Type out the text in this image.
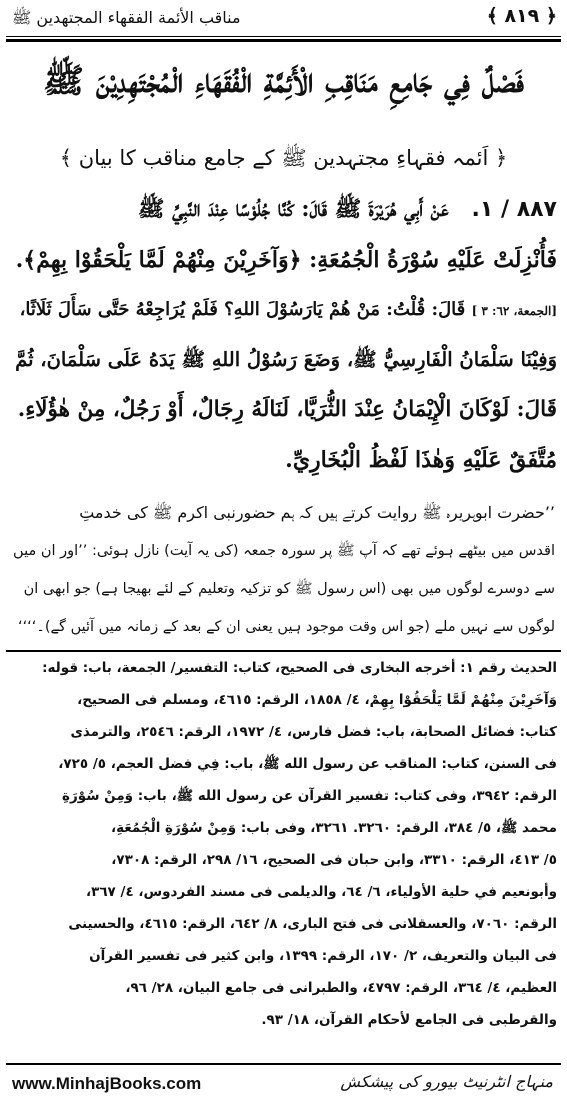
﴿ ٨١٩ ﴾
مناقب الأئمة الفقهاء المجتهدين ﷺ
فَصْلٌ فِي جَامِعِ مَنَاقِبِ الْأَئِمَّةِ الْفُقَهَاءِ الْمُجْتَهِدِيْنَ ﷺ
﴿ اَئمہ فقہاءِ مجتہدین ﷺ کے جامع مناقب کا بیان ﴾
٨٨٧ / ١.   عَنْ أَبِي هُرَيْرَةَ ﷺ قَالَ: كُنَّا جُلُوْسًا عِنْدَ النَّبِيِّ ﷺ
فَأُنْزِلَتْ عَلَيْهِ سُوْرَةُ الْجُمُعَةِ: ﴿وَآخَرِيْنَ مِنْهُمْ لَمَّا يَلْحَقُوْا بِهِمْ﴾.
[الجمعة، ٦٢: ٣ ] قَالَ: قُلْتُ: مَنْ هُمْ يَارَسُوْلَ اللهِ؟ فَلَمْ يُرَاجِعْهُ حَتَّى سَأَلَ ثَلَاثًا،
وَفِيْنَا سَلْمَانُ الْفَارِسِيُّ ﷺ، وَضَعَ رَسُوْلُ اللهِ ﷺ يَدَهُ عَلَى سَلْمَانَ، ثُمَّ
قَالَ: لَوْكَانَ الْإِيْمَانُ عِنْدَ الثُّرَيَّا، لَنَالَهُ رِجَالٌ، أَوْ رَجُلٌ، مِنْ هٰؤُلَاءِ.
مُتَّفَقٌ عَلَيْهِ وَهٰذَا لَفْظُ الْبُخَارِيِّ.
’’حضرت ابوہریرہ ﷺ روایت کرتے ہیں کہ ہم حضورنبی اکرم ﷺ کی خدمتِ
اقدس میں بیٹھے ہوئے تھے کہ آپ ﷺ پر سورہ جمعہ (کی یہ آیت) نازل ہوئی: ’’اور ان میں
سے دوسرے لوگوں میں بھی (اس رسول ﷺ کو تزکیہ وتعلیم کے لئے بھیجا ہے) جو ابھی ان
لوگوں سے نہیں ملے (جو اس وقت موجود ہیں یعنی ان کے بعد کے زمانہ میں آئیں گے)۔‘‘‘‘
الحديث رقم ١: أخرجه البخاری فی الصحيح، كتاب: التفسير/ الجمعة، باب: قوله:
وَآخَرِيْنَ مِنْهُمْ لَمَّا يَلْحَقُوْا بِهِمْ، ٤/ ١٨٥٨، الرقم: ٤٦١٥، ومسلم فی الصحيح،
كتاب: فضائل الصحابة، باب: فضل فارس، ٤/ ١٩٧٢، الرقم: ٢٥٤٦، والترمذی
فی السنن، كتاب: المناقب عن رسول الله ﷺ، باب: فِي فضل العجم، ٥/ ٧٢٥،
الرقم: ٣٩٤٢، وفی كتاب: تفسير القرآن عن رسول الله ﷺ، باب: وَمِنْ سُوْرَةِ
محمد ﷺ، ٥/ ٣٨٤، الرقم: ٣٢٦٠. ٣٢٦١، وفی باب: وَمِنْ سُوْرَةِ الْجُمُعَةِ،
٥/ ٤١٣، الرقم: ٣٣١٠، وابن حبان فی الصحيح، ١٦/ ٢٩٨، الرقم: ٧٣٠٨،
وأبونعيم في حلية الأولياء، ٦/ ٦٤، والديلمی فی مسند الفردوس، ٤/ ٣٦٧،
الرقم: ٧٠٦٠، والعسقلانی فی فتح الباری، ٨/ ٦٤٢، الرقم: ٤٦١٥، والحسينی
فی البيان والتعريف، ٢/ ١٧٠، الرقم: ١٣٩٩، وابن كثير فی تفسير القرآن
العظيم، ٤/ ٣٦٤، الرقم: ٤٧٩٧، والطبرانی فی جامع البيان، ٢٨/ ٩٦،
والقرطبی فی الجامع لأحكام القرآن، ١٨/ ٩٣.
www.MinhajBooks.com	منہاج انٹرنیٹ بیورو کی پیشکش
